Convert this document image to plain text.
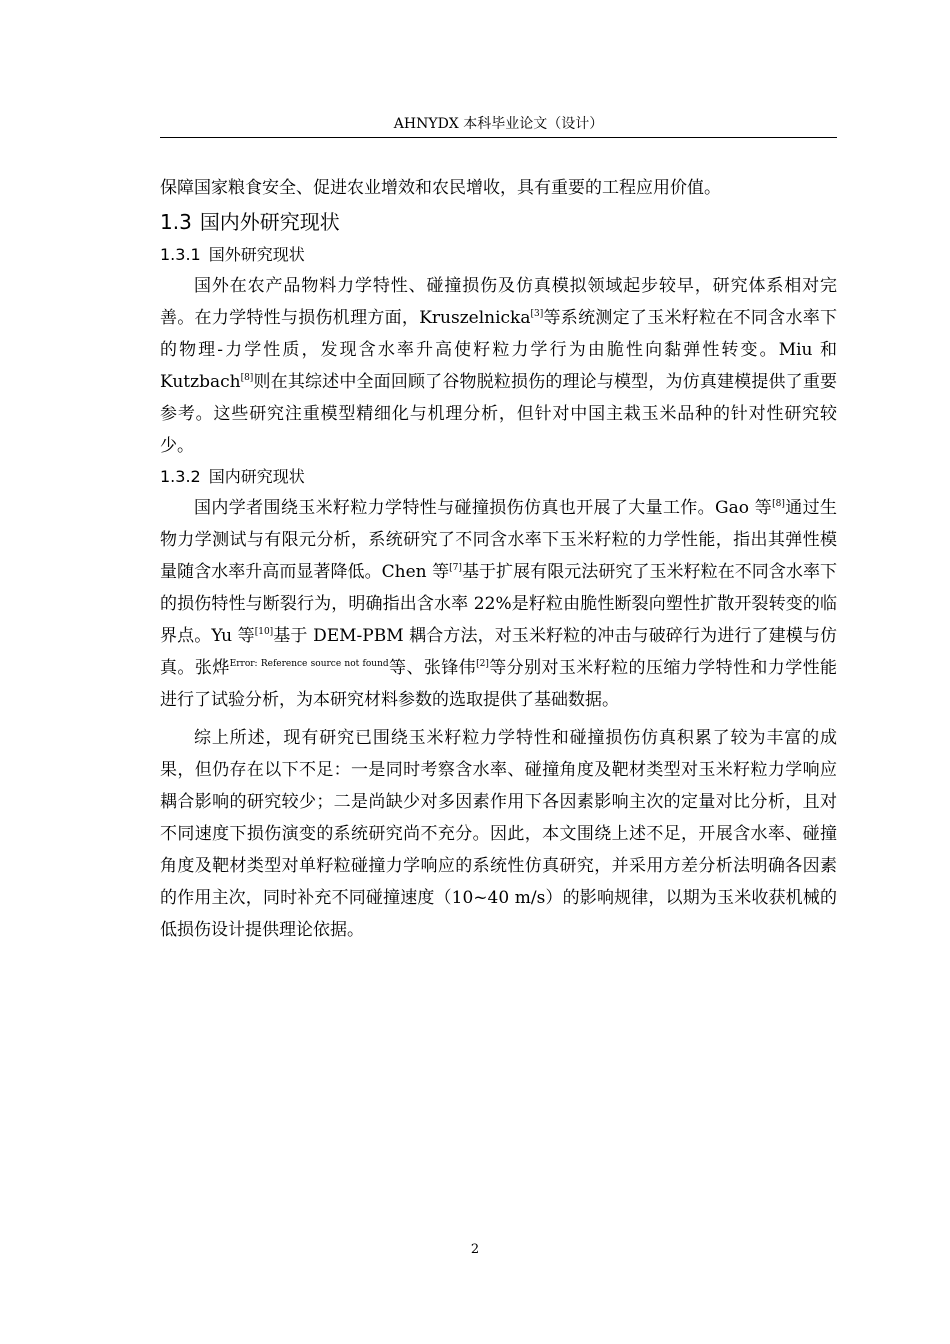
AHNYDX 本科毕业论文（设计）

保障国家粮食安全、促进农业增效和农民增收，具有重要的工程应用价值。

1.3 国内外研究现状
1.3.1 国外研究现状

国外在农产品物料力学特性、碰撞损伤及仿真模拟领域起步较早，研究体系相对完善。在力学特性与损伤机理方面，Kruszelnicka[3]等系统测定了玉米籽粒在不同含水率下的物理-力学性质，发现含水率升高使籽粒力学行为由脆性向黏弹性转变。Miu 和 Kutzbach[8]则在其综述中全面回顾了谷物脱粒损伤的理论与模型，为仿真建模提供了重要参考。这些研究注重模型精细化与机理分析，但针对中国主栽玉米品种的针对性研究较少。

1.3.2 国内研究现状

国内学者围绕玉米籽粒力学特性与碰撞损伤仿真也开展了大量工作。Gao 等[8]通过生物力学测试与有限元分析，系统研究了不同含水率下玉米籽粒的力学性能，指出其弹性模量随含水率升高而显著降低。Chen 等[7]基于扩展有限元法研究了玉米籽粒在不同含水率下的损伤特性与断裂行为，明确指出含水率 22%是籽粒由脆性断裂向塑性扩散开裂转变的临界点。Yu 等[10]基于 DEM-PBM 耦合方法，对玉米籽粒的冲击与破碎行为进行了建模与仿真。张烨$^{Error: Reference source not found}$等、张锋伟[2]等分别对玉米籽粒的压缩力学特性和力学性能进行了试验分析，为本研究材料参数的选取提供了基础数据。

综上所述，现有研究已围绕玉米籽粒力学特性和碰撞损伤仿真积累了较为丰富的成果，但仍存在以下不足：一是同时考察含水率、碰撞角度及靶材类型对玉米籽粒力学响应耦合影响的研究较少；二是尚缺少对多因素作用下各因素影响主次的定量对比分析，且对不同速度下损伤演变的系统研究尚不充分。因此，本文围绕上述不足，开展含水率、碰撞角度及靶材类型对单籽粒碰撞力学响应的系统性仿真研究，并采用方差分析法明确各因素的作用主次，同时补充不同碰撞速度（10~40 m/s）的影响规律，以期为玉米收获机械的低损伤设计提供理论依据。

2
